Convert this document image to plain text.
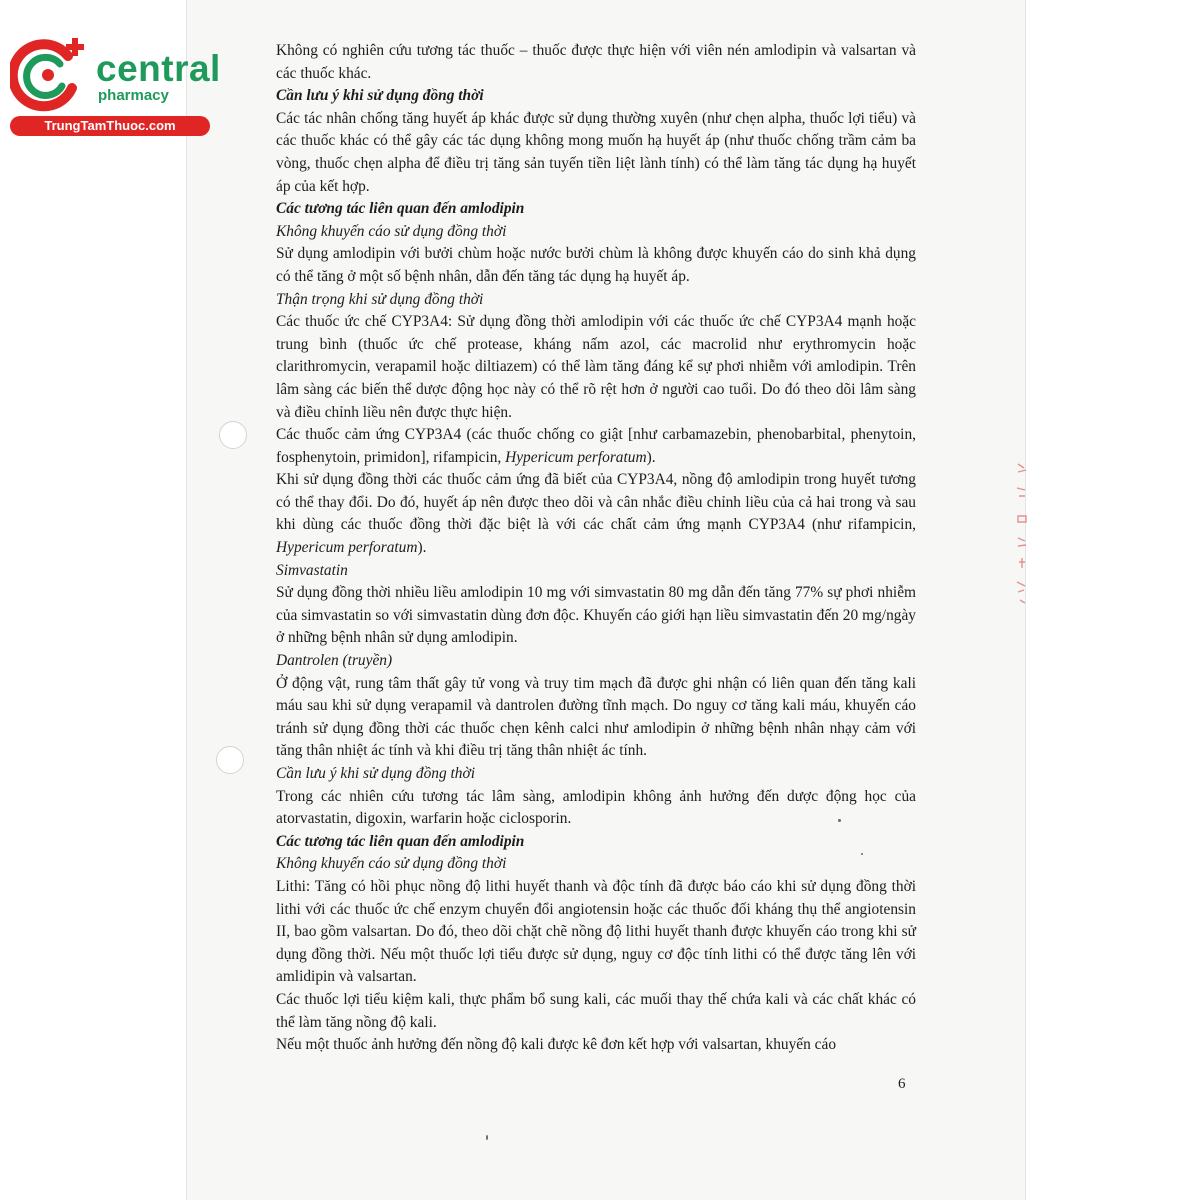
central
pharmacy
TrungTamThuoc.com

Không có nghiên cứu tương tác thuốc – thuốc được thực hiện với viên nén amlodipin và valsartan và các thuốc khác.

Cần lưu ý khi sử dụng đồng thời

Các tác nhân chống tăng huyết áp khác được sử dụng thường xuyên (như chẹn alpha, thuốc lợi tiểu) và các thuốc khác có thể gây các tác dụng không mong muốn hạ huyết áp (như thuốc chống trầm cảm ba vòng, thuốc chẹn alpha để điều trị tăng sản tuyến tiền liệt lành tính) có thể làm tăng tác dụng hạ huyết áp của kết hợp.

Các tương tác liên quan đến amlodipin

Không khuyến cáo sử dụng đồng thời

Sử dụng amlodipin với bưởi chùm hoặc nước bưởi chùm là không được khuyến cáo do sinh khả dụng có thể tăng ở một số bệnh nhân, dẫn đến tăng tác dụng hạ huyết áp.

Thận trọng khi sử dụng đồng thời

Các thuốc ức chế CYP3A4: Sử dụng đồng thời amlodipin với các thuốc ức chế CYP3A4 mạnh hoặc trung bình (thuốc ức chế protease, kháng nấm azol, các macrolid như erythromycin hoặc clarithromycin, verapamil hoặc diltiazem) có thể làm tăng đáng kể sự phơi nhiễm với amlodipin. Trên lâm sàng các biến thể dược động học này có thể rõ rệt hơn ở người cao tuổi. Do đó theo dõi lâm sàng và điều chỉnh liều nên được thực hiện.

Các thuốc cảm ứng CYP3A4 (các thuốc chống co giật [như carbamazebin, phenobarbital, phenytoin, fosphenytoin, primidon], rifampicin, Hypericum perforatum).

Khi sử dụng đồng thời các thuốc cảm ứng đã biết của CYP3A4, nồng độ amlodipin trong huyết tương có thể thay đổi. Do đó, huyết áp nên được theo dõi và cân nhắc điều chỉnh liều của cả hai trong và sau khi dùng các thuốc đồng thời đặc biệt là với các chất cảm ứng mạnh CYP3A4 (như rifampicin, Hypericum perforatum).

Simvastatin

Sử dụng đồng thời nhiều liều amlodipin 10 mg với simvastatin 80 mg dẫn đến tăng 77% sự phơi nhiễm của simvastatin so với simvastatin dùng đơn độc. Khuyến cáo giới hạn liều simvastatin đến 20 mg/ngày ở những bệnh nhân sử dụng amlodipin.

Dantrolen (truyền)

Ở động vật, rung tâm thất gây tử vong và truy tim mạch đã được ghi nhận có liên quan đến tăng kali máu sau khi sử dụng verapamil và dantrolen đường tĩnh mạch. Do nguy cơ tăng kali máu, khuyến cáo tránh sử dụng đồng thời các thuốc chẹn kênh calci như amlodipin ở những bệnh nhân nhạy cảm với tăng thân nhiệt ác tính và khi điều trị tăng thân nhiệt ác tính.

Cần lưu ý khi sử dụng đồng thời

Trong các nhiên cứu tương tác lâm sàng, amlodipin không ảnh hưởng đến dược động học của atorvastatin, digoxin, warfarin hoặc ciclosporin.

Các tương tác liên quan đến amlodipin

Không khuyến cáo sử dụng đồng thời

Lithi: Tăng có hồi phục nồng độ lithi huyết thanh và độc tính đã được báo cáo khi sử dụng đồng thời lithi với các thuốc ức chế enzym chuyển đổi angiotensin hoặc các thuốc đối kháng thụ thể angiotensin II, bao gồm valsartan. Do đó, theo dõi chặt chẽ nồng độ lithi huyết thanh được khuyến cáo trong khi sử dụng đồng thời. Nếu một thuốc lợi tiểu được sử dụng, nguy cơ độc tính lithi có thể được tăng lên với amlidipin và valsartan.

Các thuốc lợi tiểu kiệm kali, thực phẩm bổ sung kali, các muối thay thế chứa kali và các chất khác có thể làm tăng nồng độ kali.

Nếu một thuốc ảnh hưởng đến nồng độ kali được kê đơn kết hợp với valsartan, khuyến cáo

6
